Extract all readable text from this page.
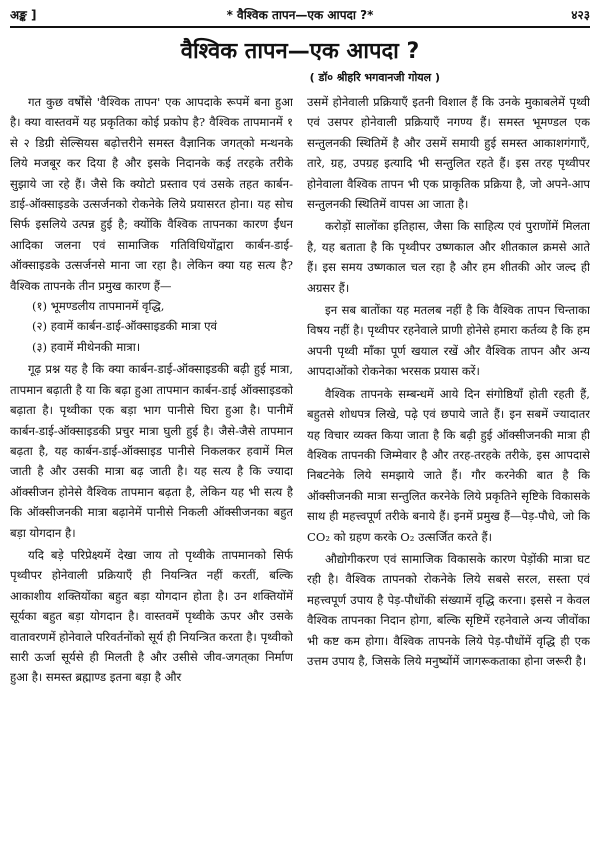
अङ्क ]	* वैश्विक तापन—एक आपदा ?*	४२३
वैश्विक तापन—एक आपदा ?
( डॉ० श्रीहरि भगवानजी गोयल )

गत कुछ वर्षोंसे 'वैश्विक तापन' एक आपदाके रूपमें बना हुआ है। क्या वास्तवमें यह प्रकृतिका कोई प्रकोप है? वैश्विक तापमानमें १ से २ डिग्री सेल्सियस बढ़ोत्तरीने समस्त वैज्ञानिक जगत्‌को मन्थनके लिये मजबूर कर दिया है और इसके निदानके कई तरहके तरीके सुझाये जा रहे हैं। जैसे कि क्योटो प्रस्ताव एवं उसके तहत कार्बन-डाई-ऑक्साइडके उत्सर्जनको रोकनेके लिये प्रयासरत होना। यह सोच सिर्फ इसलिये उत्पन्न हुई है; क्योंकि वैश्विक तापनका कारण ईंधन आदिका जलना एवं सामाजिक गतिविधियोंद्वारा कार्बन-डाई-ऑक्साइडके उत्सर्जनसे माना जा रहा है। लेकिन क्या यह सत्य है? वैश्विक तापनके तीन प्रमुख कारण हैं—

(१) भूमण्डलीय तापमानमें वृद्धि,

(२) हवामें कार्बन-डाई-ऑक्साइडकी मात्रा एवं

(३) हवामें मीथेनकी मात्रा।

गूढ़ प्रश्न यह है कि क्या कार्बन-डाई-ऑक्साइडकी बढ़ी हुई मात्रा, तापमान बढ़ाती है या कि बढ़ा हुआ तापमान कार्बन-डाई ऑक्साइडको बढ़ाता है। पृथ्वीका एक बड़ा भाग पानीसे घिरा हुआ है। पानीमें कार्बन-डाई-ऑक्साइडकी प्रचुर मात्रा घुली हुई है। जैसे-जैसे तापमान बढ़ता है, यह कार्बन-डाई-ऑक्साइड पानीसे निकलकर हवामें मिल जाती है और उसकी मात्रा बढ़ जाती है। यह सत्य है कि ज्यादा ऑक्सीजन होनेसे वैश्विक तापमान बढ़ता है, लेकिन यह भी सत्य है कि ऑक्सीजनकी मात्रा बढ़ानेमें पानीसे निकली ऑक्सीजनका बहुत बड़ा योगदान है।

यदि बड़े परिप्रेक्ष्यमें देखा जाय तो पृथ्वीके तापमानको सिर्फ पृथ्वीपर होनेवाली प्रक्रियाएँ ही नियन्त्रित नहीं करतीं, बल्कि आकाशीय शक्तियोंका बहुत बड़ा योगदान होता है। उन शक्तियोंमें सूर्यका बहुत बड़ा योगदान है। वास्तवमें पृथ्वीके ऊपर और उसके वातावरणमें होनेवाले परिवर्तनोंको सूर्य ही नियन्त्रित करता है। पृथ्वीको सारी ऊर्जा सूर्यसे ही मिलती है और उसीसे जीव-जगत्‌का निर्माण हुआ है। समस्त ब्रह्माण्ड इतना बड़ा है और

उसमें होनेवाली प्रक्रियाएँ इतनी विशाल हैं कि उनके मुकाबलेमें पृथ्वी एवं उसपर होनेवाली प्रक्रियाएँ नगण्य हैं। समस्त भूमण्डल एक सन्तुलनकी स्थितिमें है और उसमें समायी हुई समस्त आकाशगंगाएँ, तारे, ग्रह, उपग्रह इत्यादि भी सन्तुलित रहते हैं। इस तरह पृथ्वीपर होनेवाला वैश्विक तापन भी एक प्राकृतिक प्रक्रिया है, जो अपने-आप सन्तुलनकी स्थितिमें वापस आ जाता है।

करोड़ों सालोंका इतिहास, जैसा कि साहित्य एवं पुराणोंमें मिलता है, यह बताता है कि पृथ्वीपर उष्णकाल और शीतकाल क्रमसे आते हैं। इस समय उष्णकाल चल रहा है और हम शीतकी ओर जल्द ही अग्रसर हैं।

इन सब बातोंका यह मतलब नहीं है कि वैश्विक तापन चिन्ताका विषय नहीं है। पृथ्वीपर रहनेवाले प्राणी होनेसे हमारा कर्तव्य है कि हम अपनी पृथ्वी माँका पूर्ण खयाल रखें और वैश्विक तापन और अन्य आपदाओंको रोकनेका भरसक प्रयास करें।

वैश्विक तापनके सम्बन्धमें आये दिन संगोष्ठियाँ होती रहती हैं, बहुतसे शोधपत्र लिखे, पढ़े एवं छपाये जाते हैं। इन सबमें ज्यादातर यह विचार व्यक्त किया जाता है कि बढ़ी हुई ऑक्सीजनकी मात्रा ही वैश्विक तापनकी जिम्मेवार है और तरह-तरहके तरीके, इस आपदासे निबटनेके लिये समझाये जाते हैं। गौर करनेकी बात है कि ऑक्सीजनकी मात्रा सन्तुलित करनेके लिये प्रकृतिने सृष्टिके विकासके साथ ही महत्त्वपूर्ण तरीके बनाये हैं। इनमें प्रमुख हैं—पेड़-पौधे, जो कि CO₂ को ग्रहण करके O₂ उत्सर्जित करते हैं।

औद्योगीकरण एवं सामाजिक विकासके कारण पेड़ोंकी मात्रा घट रही है। वैश्विक तापनको रोकनेके लिये सबसे सरल, सस्ता एवं महत्त्वपूर्ण उपाय है पेड़-पौधोंकी संख्यामें वृद्धि करना। इससे न केवल वैश्विक तापनका निदान होगा, बल्कि सृष्टिमें रहनेवाले अन्य जीवोंका भी कष्ट कम होगा। वैश्विक तापनके लिये पेड़-पौधोंमें वृद्धि ही एक उत्तम उपाय है, जिसके लिये मनुष्योंमें जागरूकताका होना जरूरी है।
